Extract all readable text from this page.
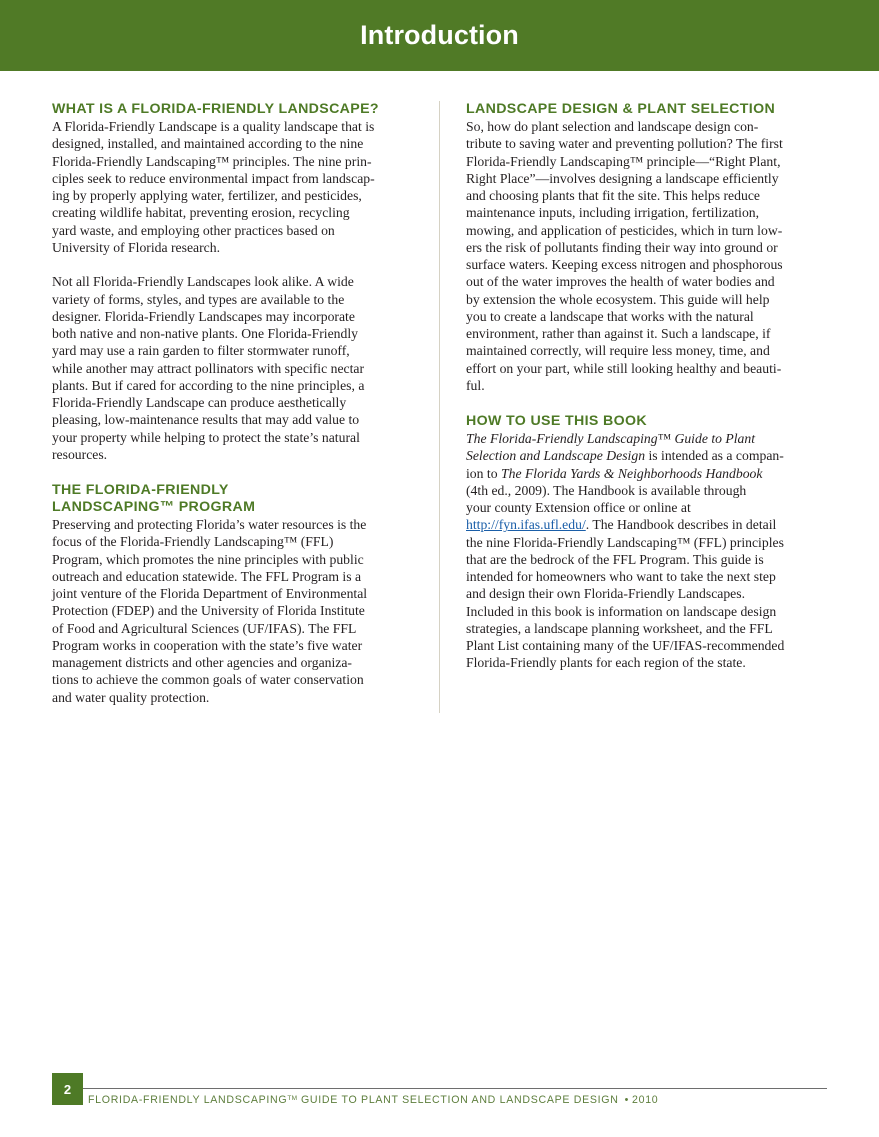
Introduction
WHAT IS A FLORIDA-FRIENDLY LANDSCAPE?
A Florida-Friendly Landscape is a quality landscape that is
designed, installed, and maintained according to the nine
Florida-Friendly Landscaping™ principles. The nine prin-
ciples seek to reduce environmental impact from landscap-
ing by properly applying water, fertilizer, and pesticides,
creating wildlife habitat, preventing erosion, recycling
yard waste, and employing other practices based on
University of Florida research.
Not all Florida-Friendly Landscapes look alike. A wide
variety of forms, styles, and types are available to the
designer. Florida-Friendly Landscapes may incorporate
both native and non-native plants. One Florida-Friendly
yard may use a rain garden to filter stormwater runoff,
while another may attract pollinators with specific nectar
plants. But if cared for according to the nine principles, a
Florida-Friendly Landscape can produce aesthetically
pleasing, low-maintenance results that may add value to
your property while helping to protect the state’s natural
resources.
THE FLORIDA-FRIENDLY
LANDSCAPING™ PROGRAM
Preserving and protecting Florida’s water resources is the
focus of the Florida-Friendly Landscaping™ (FFL)
Program, which promotes the nine principles with public
outreach and education statewide. The FFL Program is a
joint venture of the Florida Department of Environmental
Protection (FDEP) and the University of Florida Institute
of Food and Agricultural Sciences (UF/IFAS). The FFL
Program works in cooperation with the state’s five water
management districts and other agencies and organiza-
tions to achieve the common goals of water conservation
and water quality protection.
LANDSCAPE DESIGN & PLANT SELECTION
So, how do plant selection and landscape design con-
tribute to saving water and preventing pollution? The first
Florida-Friendly Landscaping™ principle—“Right Plant,
Right Place”—involves designing a landscape efficiently
and choosing plants that fit the site. This helps reduce
maintenance inputs, including irrigation, fertilization,
mowing, and application of pesticides, which in turn low-
ers the risk of pollutants finding their way into ground or
surface waters. Keeping excess nitrogen and phosphorous
out of the water improves the health of water bodies and
by extension the whole ecosystem. This guide will help
you to create a landscape that works with the natural
environment, rather than against it. Such a landscape, if
maintained correctly, will require less money, time, and
effort on your part, while still looking healthy and beauti-
ful.
HOW TO USE THIS BOOK
The Florida-Friendly Landscaping™ Guide to Plant
Selection and Landscape Design is intended as a compan-
ion to The Florida Yards & Neighborhoods Handbook
(4th ed., 2009). The Handbook is available through
your county Extension office or online at
http://fyn.ifas.ufl.edu/. The Handbook describes in detail
the nine Florida-Friendly Landscaping™ (FFL) principles
that are the bedrock of the FFL Program. This guide is
intended for homeowners who want to take the next step
and design their own Florida-Friendly Landscapes.
Included in this book is information on landscape design
strategies, a landscape planning worksheet, and the FFL
Plant List containing many of the UF/IFAS-recommended
Florida-Friendly plants for each region of the state.
2
FLORIDA-FRIENDLY LANDSCAPING™ GUIDE TO PLANT SELECTION AND LANDSCAPE DESIGN • 2010
